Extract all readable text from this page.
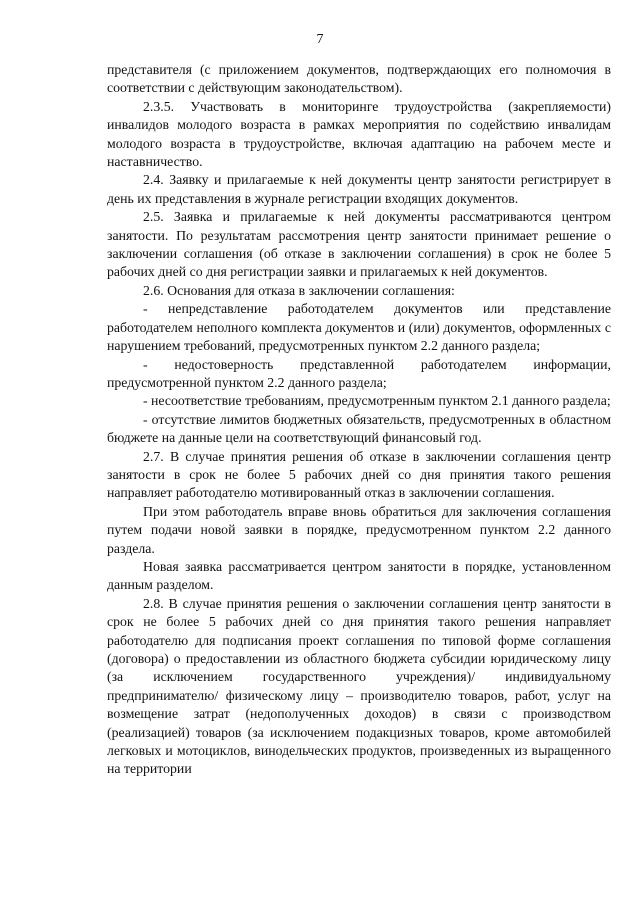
7

представителя (с приложением документов, подтверждающих его полномочия в соответствии с действующим законодательством).

2.3.5. Участвовать в мониторинге трудоустройства (закрепляемости) инвалидов молодого возраста в рамках мероприятия по содействию инвалидам молодого возраста в трудоустройстве, включая адаптацию на рабочем месте и наставничество.

2.4. Заявку и прилагаемые к ней документы центр занятости регистрирует в день их представления в журнале регистрации входящих документов.

2.5. Заявка и прилагаемые к ней документы рассматриваются центром занятости. По результатам рассмотрения центр занятости принимает решение о заключении соглашения (об отказе в заключении соглашения) в срок не более 5 рабочих дней со дня регистрации заявки и прилагаемых к ней документов.

2.6. Основания для отказа в заключении соглашения:

- непредставление работодателем документов или представление работодателем неполного комплекта документов и (или) документов, оформленных с нарушением требований, предусмотренных пунктом 2.2 данного раздела;

- недостоверность представленной работодателем информации, предусмотренной пунктом 2.2 данного раздела;

- несоответствие требованиям, предусмотренным пунктом 2.1 данного раздела;

- отсутствие лимитов бюджетных обязательств, предусмотренных в областном бюджете на данные цели на соответствующий финансовый год.

2.7. В случае принятия решения об отказе в заключении соглашения центр занятости в срок не более 5 рабочих дней со дня принятия такого решения направляет работодателю мотивированный отказ в заключении соглашения.

При этом работодатель вправе вновь обратиться для заключения соглашения путем подачи новой заявки в порядке, предусмотренном пунктом 2.2 данного раздела.

Новая заявка рассматривается центром занятости в порядке, установленном данным разделом.

2.8. В случае принятия решения о заключении соглашения центр занятости в срок не более 5 рабочих дней со дня принятия такого решения направляет работодателю для подписания проект соглашения по типовой форме соглашения (договора) о предоставлении из областного бюджета субсидии юридическому лицу (за исключением государственного учреждения)/ индивидуальному предпринимателю/ физическому лицу – производителю товаров, работ, услуг на возмещение затрат (недополученных доходов) в связи с производством (реализацией) товаров (за исключением подакцизных товаров, кроме автомобилей легковых и мотоциклов, винодельческих продуктов, произведенных из выращенного на территории
